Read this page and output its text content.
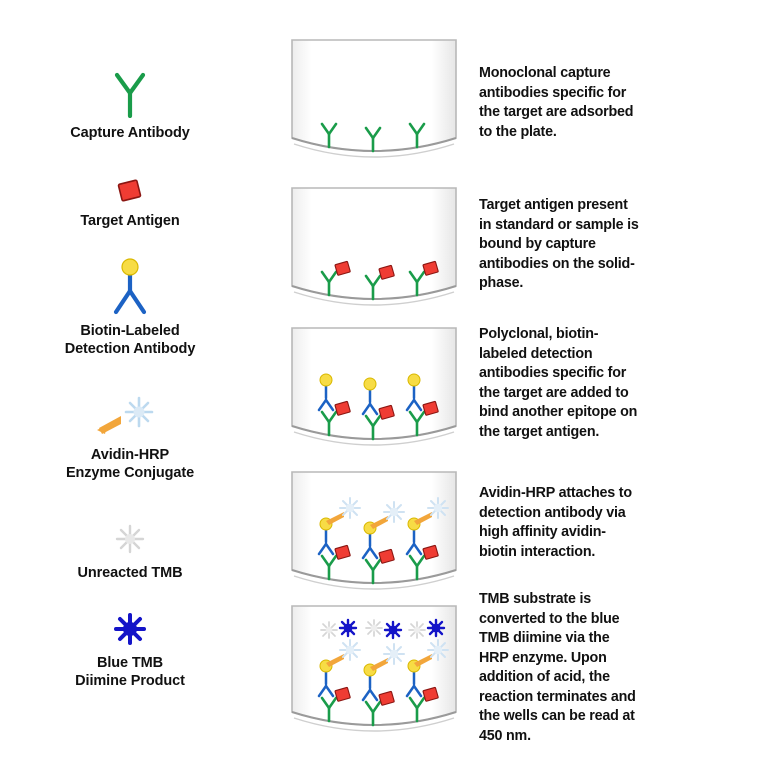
Capture Antibody
Target Antigen
Biotin-Labeled
Detection Antibody
Avidin-HRP
Enzyme Conjugate
Unreacted TMB
Blue TMB
Diimine Product
Monoclonal capture
antibodies specific for
the target are adsorbed
to the plate.
Target antigen present
in standard or sample is
bound by capture
antibodies on the solid-
phase.
Polyclonal, biotin-
labeled detection
antibodies specific for
the target are added to
bind another epitope on
the target antigen.
Avidin-HRP attaches to
detection antibody via
high affinity avidin-
biotin interaction.
TMB substrate is
converted to the blue
TMB diimine via the
HRP enzyme. Upon
addition of acid, the
reaction terminates and
the wells can be read at
450 nm.
